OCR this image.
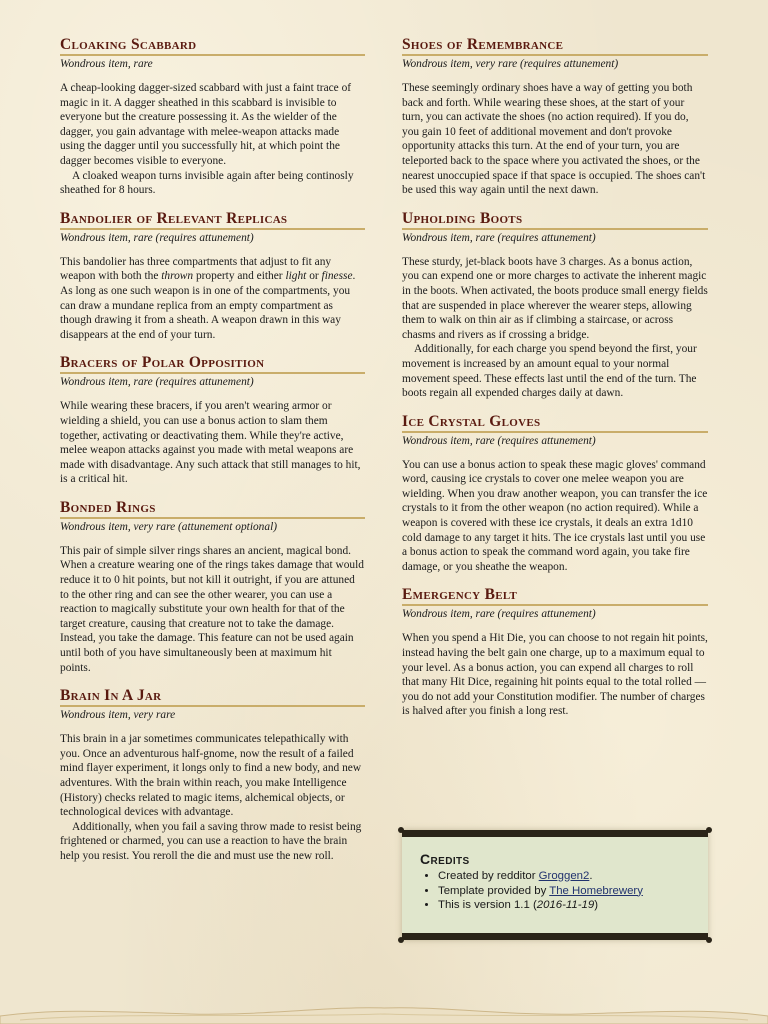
Cloaking Scabbard
Wondrous item, rare

A cheap-looking dagger-sized scabbard with just a faint trace of magic in it. A dagger sheathed in this scabbard is invisible to everyone but the creature possessing it. As the wielder of the dagger, you gain advantage with melee-weapon attacks made using the dagger until you successfully hit, at which point the dagger becomes visible to everyone.

A cloaked weapon turns invisible again after being continosly sheathed for 8 hours.

Bandolier of Relevant Replicas
Wondrous item, rare (requires attunement)

This bandolier has three compartments that adjust to fit any weapon with both the thrown property and either light or finesse. As long as one such weapon is in one of the compartments, you can draw a mundane replica from an empty compartment as though drawing it from a sheath. A weapon drawn in this way disappears at the end of your turn.

Bracers of Polar Opposition
Wondrous item, rare (requires attunement)

While wearing these bracers, if you aren't wearing armor or wielding a shield, you can use a bonus action to slam them together, activating or deactivating them. While they're active, melee weapon attacks against you made with metal weapons are made with disadvantage. Any such attack that still manages to hit, is a critical hit.

Bonded Rings
Wondrous item, very rare (attunement optional)

This pair of simple silver rings shares an ancient, magical bond. When a creature wearing one of the rings takes damage that would reduce it to 0 hit points, but not kill it outright, if you are attuned to the other ring and can see the other wearer, you can use a reaction to magically substitute your own health for that of the target creature, causing that creature not to take the damage. Instead, you take the damage. This feature can not be used again until both of you have simultaneously been at maximum hit points.

Brain In A Jar
Wondrous item, very rare

This brain in a jar sometimes communicates telepathically with you. Once an adventurous half-gnome, now the result of a failed mind flayer experiment, it longs only to find a new body, and new adventures. With the brain within reach, you make Intelligence (History) checks related to magic items, alchemical objects, or technological devices with advantage.

Additionally, when you fail a saving throw made to resist being frightened or charmed, you can use a reaction to have the brain help you resist. You reroll the die and must use the new roll.

Shoes of Remembrance
Wondrous item, very rare (requires attunement)

These seemingly ordinary shoes have a way of getting you both back and forth. While wearing these shoes, at the start of your turn, you can activate the shoes (no action required). If you do, you gain 10 feet of additional movement and don't provoke opportunity attacks this turn. At the end of your turn, you are teleported back to the space where you activated the shoes, or the nearest unoccupied space if that space is occupied. The shoes can't be used this way again until the next dawn.

Upholding Boots
Wondrous item, rare (requires attunement)

These sturdy, jet-black boots have 3 charges. As a bonus action, you can expend one or more charges to activate the inherent magic in the boots. When activated, the boots produce small energy fields that are suspended in place wherever the wearer steps, allowing them to walk on thin air as if climbing a staircase, or across chasms and rivers as if crossing a bridge.

Additionally, for each charge you spend beyond the first, your movement is increased by an amount equal to your normal movement speed. These effects last until the end of the turn. The boots regain all expended charges daily at dawn.

Ice Crystal Gloves
Wondrous item, rare (requires attunement)

You can use a bonus action to speak these magic gloves' command word, causing ice crystals to cover one melee weapon you are wielding. When you draw another weapon, you can transfer the ice crystals to it from the other weapon (no action required). While a weapon is covered with these ice crystals, it deals an extra 1d10 cold damage to any target it hits. The ice crystals last until you use a bonus action to speak the command word again, you take fire damage, or you sheathe the weapon.

Emergency Belt
Wondrous item, rare (requires attunement)

When you spend a Hit Die, you can choose to not regain hit points, instead having the belt gain one charge, up to a maximum equal to your level. As a bonus action, you can expend all charges to roll that many Hit Dice, regaining hit points equal to the total rolled — you do not add your Constitution modifier. The number of charges is halved after you finish a long rest.

Credits
• Created by redditor Groggen2.
• Template provided by The Homebrewery
• This is version 1.1 (2016-11-19)
